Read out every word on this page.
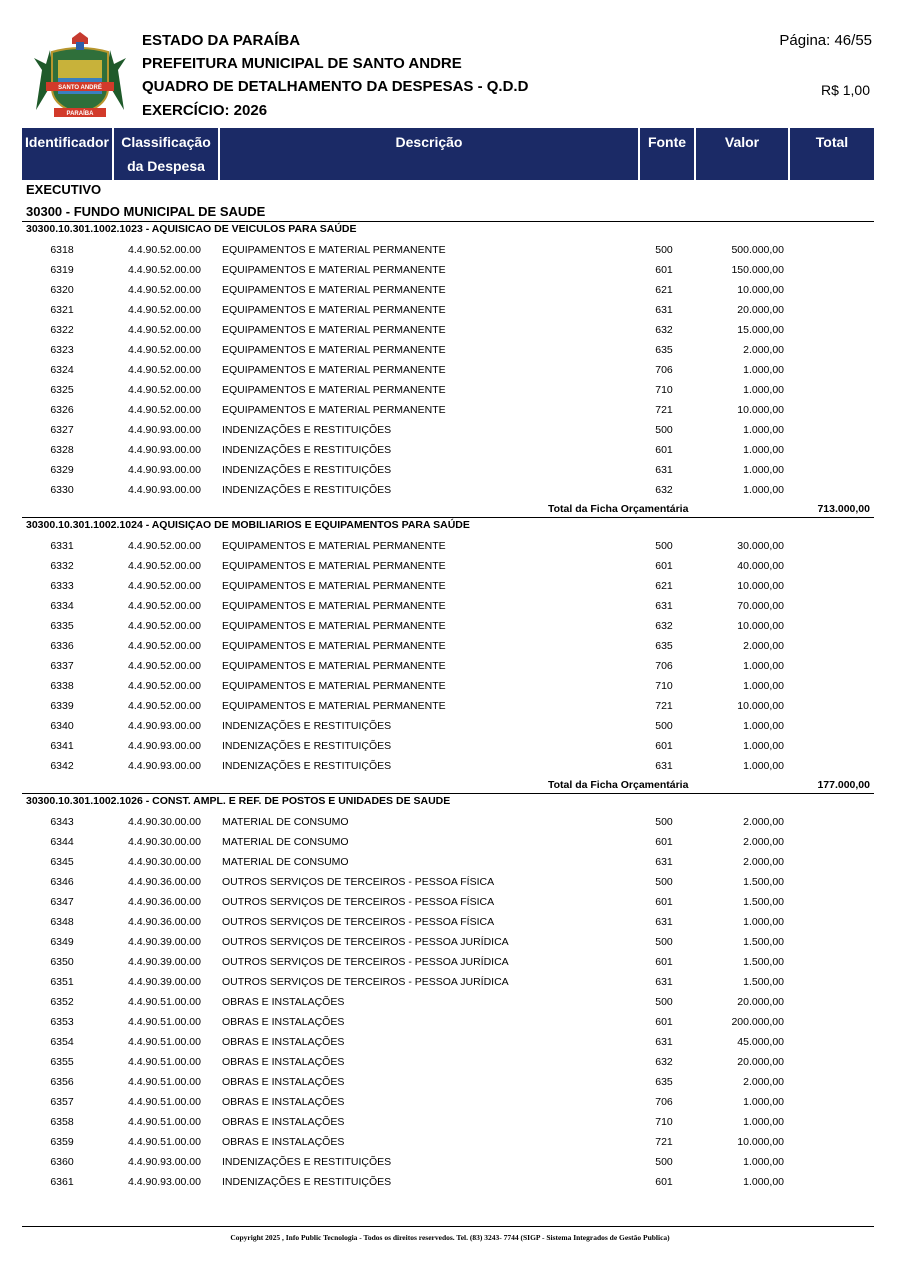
SANTO ANDRÉ
PARAÍBA
ESTADO DA PARAÍBA
PREFEITURA MUNICIPAL DE SANTO ANDRE
QUADRO DE DETALHAMENTO DA DESPESAS - Q.D.D
EXERCÍCIO: 2026
Página: 46/55
R$ 1,00
Identificador Classificação
da Despesa
Descrição	Fonte	Valor	Total
EXECUTIVO
30300 - FUNDO MUNICIPAL DE SAUDE
30300.10.301.1002.1023 - AQUISICAO DE VEICULOS PARA SAÚDE
6318	4.4.90.52.00.00 EQUIPAMENTOS E MATERIAL PERMANENTE	500	500.000,00
6319	4.4.90.52.00.00 EQUIPAMENTOS E MATERIAL PERMANENTE	601	150.000,00
6320	4.4.90.52.00.00 EQUIPAMENTOS E MATERIAL PERMANENTE	621	10.000,00
6321	4.4.90.52.00.00 EQUIPAMENTOS E MATERIAL PERMANENTE	631	20.000,00
6322	4.4.90.52.00.00 EQUIPAMENTOS E MATERIAL PERMANENTE	632	15.000,00
6323	4.4.90.52.00.00 EQUIPAMENTOS E MATERIAL PERMANENTE	635	2.000,00
6324	4.4.90.52.00.00 EQUIPAMENTOS E MATERIAL PERMANENTE	706	1.000,00
6325	4.4.90.52.00.00 EQUIPAMENTOS E MATERIAL PERMANENTE	710	1.000,00
6326	4.4.90.52.00.00 EQUIPAMENTOS E MATERIAL PERMANENTE	721	10.000,00
6327	4.4.90.93.00.00 INDENIZAÇÕES E RESTITUIÇÕES	500	1.000,00
6328	4.4.90.93.00.00 INDENIZAÇÕES E RESTITUIÇÕES	601	1.000,00
6329	4.4.90.93.00.00 INDENIZAÇÕES E RESTITUIÇÕES	631	1.000,00
6330	4.4.90.93.00.00 INDENIZAÇÕES E RESTITUIÇÕES	632	1.000,00
Total da Ficha Orçamentária	713.000,00
30300.10.301.1002.1024 - AQUISIÇAO DE MOBILIARIOS E EQUIPAMENTOS PARA SAÚDE
6331	4.4.90.52.00.00 EQUIPAMENTOS E MATERIAL PERMANENTE	500	30.000,00
6332	4.4.90.52.00.00 EQUIPAMENTOS E MATERIAL PERMANENTE	601	40.000,00
6333	4.4.90.52.00.00 EQUIPAMENTOS E MATERIAL PERMANENTE	621	10.000,00
6334	4.4.90.52.00.00 EQUIPAMENTOS E MATERIAL PERMANENTE	631	70.000,00
6335	4.4.90.52.00.00 EQUIPAMENTOS E MATERIAL PERMANENTE	632	10.000,00
6336	4.4.90.52.00.00 EQUIPAMENTOS E MATERIAL PERMANENTE	635	2.000,00
6337	4.4.90.52.00.00 EQUIPAMENTOS E MATERIAL PERMANENTE	706	1.000,00
6338	4.4.90.52.00.00 EQUIPAMENTOS E MATERIAL PERMANENTE	710	1.000,00
6339	4.4.90.52.00.00 EQUIPAMENTOS E MATERIAL PERMANENTE	721	10.000,00
6340	4.4.90.93.00.00 INDENIZAÇÕES E RESTITUIÇÕES	500	1.000,00
6341	4.4.90.93.00.00 INDENIZAÇÕES E RESTITUIÇÕES	601	1.000,00
6342	4.4.90.93.00.00 INDENIZAÇÕES E RESTITUIÇÕES	631	1.000,00
Total da Ficha Orçamentária	177.000,00
30300.10.301.1002.1026 - CONST. AMPL. E REF. DE POSTOS E UNIDADES DE SAUDE
6343	4.4.90.30.00.00 MATERIAL DE CONSUMO	500	2.000,00
6344	4.4.90.30.00.00 MATERIAL DE CONSUMO	601	2.000,00
6345	4.4.90.30.00.00 MATERIAL DE CONSUMO	631	2.000,00
6346	4.4.90.36.00.00 OUTROS SERVIÇOS DE TERCEIROS - PESSOA FÍSICA	500	1.500,00
6347	4.4.90.36.00.00 OUTROS SERVIÇOS DE TERCEIROS - PESSOA FÍSICA	601	1.500,00
6348	4.4.90.36.00.00 OUTROS SERVIÇOS DE TERCEIROS - PESSOA FÍSICA	631	1.000,00
6349	4.4.90.39.00.00 OUTROS SERVIÇOS DE TERCEIROS - PESSOA JURÍDICA	500	1.500,00
6350	4.4.90.39.00.00 OUTROS SERVIÇOS DE TERCEIROS - PESSOA JURÍDICA	601	1.500,00
6351	4.4.90.39.00.00 OUTROS SERVIÇOS DE TERCEIROS - PESSOA JURÍDICA	631	1.500,00
6352	4.4.90.51.00.00 OBRAS E INSTALAÇÕES	500	20.000,00
6353	4.4.90.51.00.00 OBRAS E INSTALAÇÕES	601	200.000,00
6354	4.4.90.51.00.00 OBRAS E INSTALAÇÕES	631	45.000,00
6355	4.4.90.51.00.00 OBRAS E INSTALAÇÕES	632	20.000,00
6356	4.4.90.51.00.00 OBRAS E INSTALAÇÕES	635	2.000,00
6357	4.4.90.51.00.00 OBRAS E INSTALAÇÕES	706	1.000,00
6358	4.4.90.51.00.00 OBRAS E INSTALAÇÕES	710	1.000,00
6359	4.4.90.51.00.00 OBRAS E INSTALAÇÕES	721	10.000,00
6360	4.4.90.93.00.00 INDENIZAÇÕES E RESTITUIÇÕES	500	1.000,00
6361	4.4.90.93.00.00 INDENIZAÇÕES E RESTITUIÇÕES	601	1.000,00
Copyright 2025 , Info Public Tecnologia - Todos os direitos reservedos. Tel. (83) 3243- 7744 (SIGP - Sistema Integrados de Gestão Publica)
